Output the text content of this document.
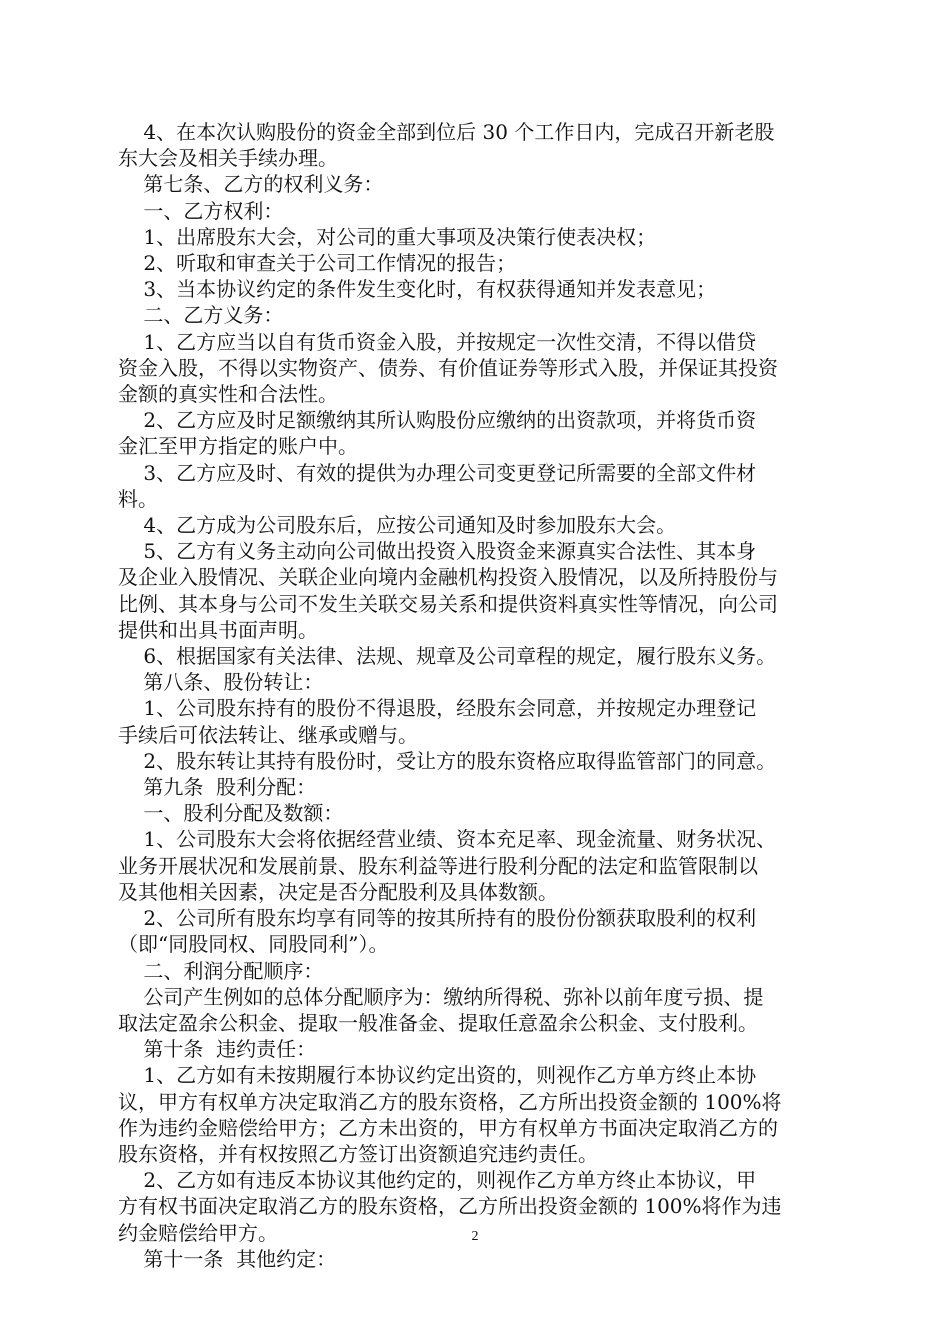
4、在本次认购股份的资金全部到位后 30 个工作日内，完成召开新老股
东大会及相关手续办理。
第七条、乙方的权利义务：
一、乙方权利：
1、出席股东大会，对公司的重大事项及决策行使表决权；
2、听取和审查关于公司工作情况的报告；
3、当本协议约定的条件发生变化时，有权获得通知并发表意见；
二、乙方义务：
1、乙方应当以自有货币资金入股，并按规定一次性交清，不得以借贷
资金入股，不得以实物资产、债券、有价值证券等形式入股，并保证其投资
金额的真实性和合法性。
2、乙方应及时足额缴纳其所认购股份应缴纳的出资款项，并将货币资
金汇至甲方指定的账户中。
3、乙方应及时、有效的提供为办理公司变更登记所需要的全部文件材
料。
4、乙方成为公司股东后，应按公司通知及时参加股东大会。
5、乙方有义务主动向公司做出投资入股资金来源真实合法性、其本身
及企业入股情况、关联企业向境内金融机构投资入股情况，以及所持股份与
比例、其本身与公司不发生关联交易关系和提供资料真实性等情况，向公司
提供和出具书面声明。
6、根据国家有关法律、法规、规章及公司章程的规定，履行股东义务。
第八条、股份转让：
1、公司股东持有的股份不得退股，经股东会同意，并按规定办理登记
手续后可依法转让、继承或赠与。
2、股东转让其持有股份时，受让方的股东资格应取得监管部门的同意。
第九条  股利分配：
一、股利分配及数额：
1、公司股东大会将依据经营业绩、资本充足率、现金流量、财务状况、
业务开展状况和发展前景、股东利益等进行股利分配的法定和监管限制以
及其他相关因素，决定是否分配股利及具体数额。
2、公司所有股东均享有同等的按其所持有的股份份额获取股利的权利
（即“同股同权、同股同利”）。
二、利润分配顺序：
公司产生例如的总体分配顺序为：缴纳所得税、弥补以前年度亏损、提
取法定盈余公积金、提取一般准备金、提取任意盈余公积金、支付股利。
第十条  违约责任：
1、乙方如有未按期履行本协议约定出资的，则视作乙方单方终止本协
议，甲方有权单方决定取消乙方的股东资格，乙方所出投资金额的 100%将
作为违约金赔偿给甲方；乙方未出资的，甲方有权单方书面决定取消乙方的
股东资格，并有权按照乙方签订出资额追究违约责任。
2、乙方如有违反本协议其他约定的，则视作乙方单方终止本协议，甲
方有权书面决定取消乙方的股东资格，乙方所出投资金额的 100%将作为违
约金赔偿给甲方。
第十一条  其他约定：
2
